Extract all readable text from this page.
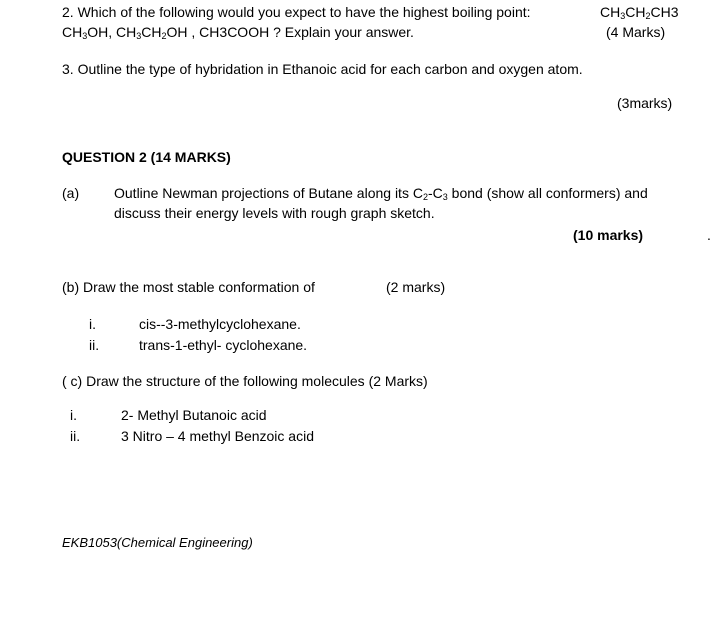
2. Which of the following would you expect to have the highest boiling point:	$CH_3CH_2CH3$
$CH_3OH$, $CH_3CH_2OH$ , CH3COOH ? Explain your answer.	(4 Marks)
3. Outline the type of hybridation in Ethanoic acid for each carbon and oxygen atom.
(3marks)
QUESTION 2 (14 MARKS)
(a) Outline Newman projections of Butane along its $C_2-C_3$ bond (show all conformers) and
discuss their energy levels with rough graph sketch.
(10 marks)	.
(b) Draw the most stable conformation of	(2 marks)
i.	cis--3-methylcyclohexane.
ii.	trans-1-ethyl- cyclohexane.
( c) Draw the structure of the following molecules (2 Marks)
i.	2- Methyl Butanoic acid
ii.	3 Nitro – 4 methyl Benzoic acid
EKB1053(Chemical Engineering)
